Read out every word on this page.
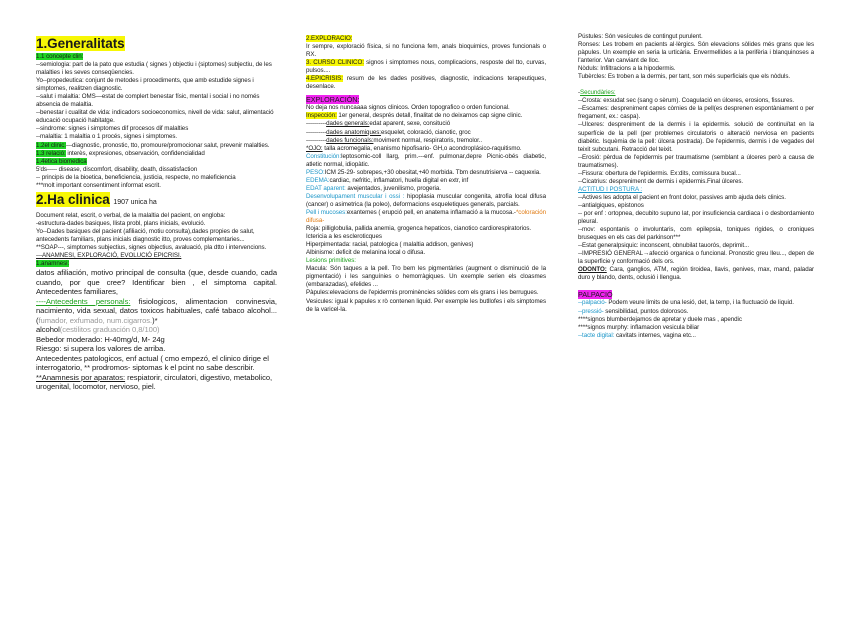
1.Generalitats

1.1 concepte clin:

--semiologia: part de la pato que estudia ( signes ) objectiu i (siptomes) subjectiu, de les malalties i les seves conseqüencies.

Yo--propedeutica: conjunt de metodes i procediments, que amb estudide signes i simptomes, realitzen diagnostic.

--salut i malaltia: OMS—estat de complert benestar físic, mental i social i no només absencia de malaltia.

--benestar i cualitat de vida: indicadors socioeconomics, nivell de vida: salut, alimentació educació ocupació habitatge.

--sindrome: signes i simptomes dif procesos dif malalties

--malaltia: 1 malaltia o 1 procés, signes i simptomes.

1.2el clinic:---diagnostic, pronostic, tto, promoure/promocionar salut, prevenir malalties.

1.3 relació: interès, expresiones, observación, confidencialidad

1.4etica biomedica

5'ds----- disease, discomfort, disability, death, dissatisfaction

-- principis de la bioetica, beneficiencia, justicia, respecte, no maleficiencia

***molt important consentiment informat escrit.

2.Ha clinica 1907 unica ha

Document relat, escrit, o verbal, de la malaltia del pacient, on engloba:

-estructura-dades basiques, llista probl, plans inicials, evolució.

Yo--Dades basiques del pacient (afiliació, motiu consulta),dades propies de salut, antecedents familiars, plans inicials diagnostic itto, proves complementaries...

**SOAP---, simptomes subjectius, signes objectius, avaluació, pla dtto i intervencions.

---ANAMNESI, EXPLORACIÓ, EVOLUCIÓ EPICRISI.

1.anamnesi:

datos afiliación, motivo principal de consulta (que, desde cuando, cada cuando, por que cree? Identificar bien , el simptoma capital. Antecedentes familiares,

----Antecedents personals: fisiologicos, alimentacion convinesvia, nacimiento, vida sexual, datos toxicos habituales, café tabaco alcohol...(fumador, exfumado, num.cigarros.)*

alcohol(cestilitos graduación 0,8/100)

Bebedor moderado: H-40mg/d, M- 24g

Riesgo: si supera los valores de arriba.

Antecedentes patologicos, enf actual ( cmo empezó, el clinico dirige el interrogatorio, ** prodromos- siptomas k el pcint no sabe describir.

**Anamnesis por aparatos: respiatorir, circulatori, digestivo, metabolico, urogenital, locomotor, nervioso, piel.

2.EXPLORACIÓ:
Ir sempre, exploració física, si no funciona fem, anals bioquimics, proves funcionals o RX.

3. CURSO CLINICO: signos i simptomes nous, complicacions, resposte del tto, curvas, pulsos....

4.EPICRISIS: resum de les dades positives, diagnostic, indicacions terapeutiques, desenlace.

EXPLORACIÓN:

No deja nos nuncaaaa signos clinicos. Orden topografico o orden funcional.

Inspección: 1er general, després detall, finalitat de no deixarnos cap signe clinic.

----------dades generals:edat aparent, sexe, consitució

----------dades anatomiques:esquelet, coloració, cianotic, groc

----------dades funcionals:moviment normal, respiratoris, tremolor..

*OJO: talla acromegalia, enanismo hipofisario- GH,o acondroplásico-raquitismo.

Constitución:leptosomic-coll llarg, prim.---enf. pulmonar,depre Picnic-obés diabetic, atletic normal, idiopàtic.

PESO:ICM 25-29- sobrepes,+30 obesitat,+40 morbida. Tbm desnutrisierva -- caquexia.

EDEMA:cardiac, nefritic, inflamatori, huella digital en extr, inf

EDAT aparent: avejentados, juvenilismo, progeria.

Desenvolupament muscular i ossi : hipoplasia muscular congenita, atrofia local difusa (cancer) o asimetrica (la poleo), deformacions esqueletiques generals, parcials.

Pell i mucoses:exantemes ( erupció pell, en anatema inflamació a la mucosa.-*coloración difusa-

Roja: pilliglobulia, pallida anemia, grogenca hepaticos, cianotico cardiorespiratorios.

Ictericia a les escleroticques

Hiperpimentada: racial, patologica ( malaltia addison, genives)

Albinisme: deficit de melanina local o difusa.

Lesions primitives:

Macula: Són taques a la pell. Tro bem les pigmentàries (augment o disminució de la pigmentació) i les sanguínies o hemorràgiques. Un exemple serien els cloasmes (embarazadas), efelides ...

Pàpules:elevacions de l'epidermis prominències sòlides com els grans i les berrugues.

Vesicules: igual k papules x rò contenen liquid. Per exemple les butllofes i els simptomes de la varicel-la.

Pústules: Són vesícules de contingut purulent.

Ronses: Les trobem en pacients al·lèrgics. Són elevacions sòlides més grans que les pàpules. Un exemple en seria la urticària. Envermellides a la perifèria i blanquinoses a l'anterior. Van canviant de lloc.

Nòduls: Infiltracions a la hipodermis.

Tubèrcles: Es troben a la dermis, per tant, son més superficials que els nòduls.

-Secundàries:

--Crosta: exsudat sec (sang o sèrum). Coagulació en úlceres, erosions, fissures.

--Escames: despreniment capes còrnies de la pell(es desprenen espontàniament o per fregament, ex.: caspa).

--Ulceres: despreniment de la dermis i la epidermis. solució de continuïtat en la superfície de la pell (per problemes circulatoris o alteració nerviosa en pacients diabètic. Isquèmia de la pell: úlcera postrada). De l'epidermis, dermis i de vegades del teixit subcutani. Retracció del teixit.

--Erosió: pèrdua de l'epidermis per traumatisme (semblant a úlceres però a causa de traumatismes).

--Fissura: obertura de l'epidermis. Ex:dits, comissura bucal...

--Cicatrius: despreniment de dermis i epidermis.Final úlceres.

ACTITUD I POSTURA :

--Actives les adopta el pacient en front dolor, passives amb ajuda dels clinics.

--antialgiques, epistonos

-- por enf : ortopnea, decubito supuno lat, por insuficiencia cardiaca i o desbordamiento pleural.

--mov: espontanis o involuntaris, com epilepsia, toniques rigides, o croniques bruseques en els cas del parkinson***

--Estat generalpsiquic: inconscent, obnubilat tauorós, deprimit...

--IMPRESIÓ GENERAL→afecció organica o funcional. Pronostic greu lleu..., depen de la superficie y conformació dels ors.

ODONTO: Cara, ganglios, ATM, región tiroidea, llavis, genives, max, mand, paladar duro y blando, dents, oclusió i llengua.

PALPACIÓ

--palpació- Podem veure limits de una lesió, det, la temp, i la fluctuació de liquid.

--pressió- sensibilidad, puntos dolorosos.

****signos blumberdejamos de apretar y duele mas , apendic

****signos murphy: inflamacion vesicula biliar

--tacte digital: cavitats internes, vagina etc...
